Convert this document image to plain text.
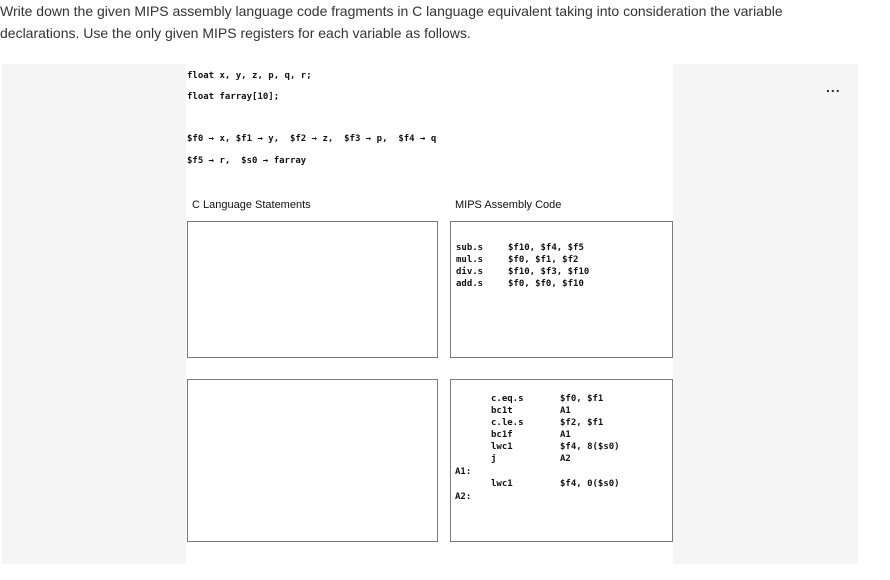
Write down the given MIPS assembly language code fragments in C language equivalent taking into consideration the variable

declarations. Use the only given MIPS registers for each variable as follows.

...
float x, y, z, p, q, r;
float farray[10];
$f0 → x, $f1 → y,  $f2 → z,  $f3 → p,  $f4 → q
$f5 → r,  $s0 → farray
C Language Statements	MIPS Assembly Code
sub.s	$f10, $f4, $f5
mul.s	$f0, $f1, $f2
div.s	$f10, $f3, $f10
add.s	$f0, $f0, $f10
c.eq.s	$f0, $f1
bc1t	A1
c.le.s	$f2, $f1
bc1f	A1
lwc1	$f4, 8($s0)
j	A2
A1:
lwc1	$f4, 0($s0)
A2:
